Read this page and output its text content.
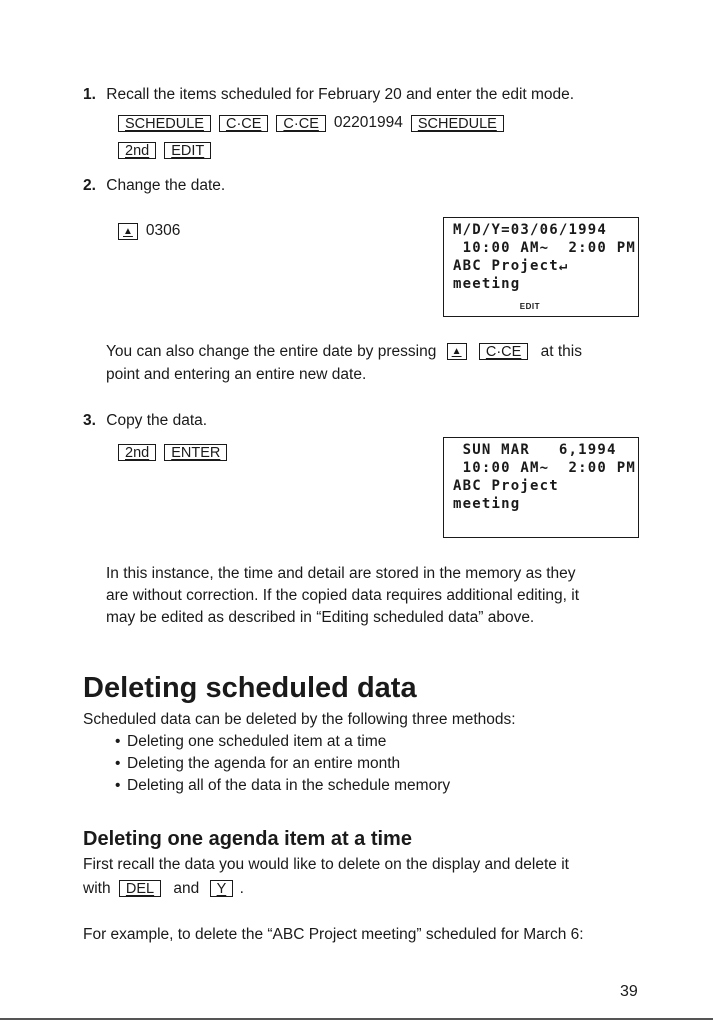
1. Recall the items scheduled for February 20 and enter the edit mode.
SCHEDULE	C·CE	C·CE 02201994	SCHEDULE
2nd	EDIT
2. Change the date.
▲ 0306	M/D/Y=03/06/1994
10:00 AM~  2:00 PM
ABC Project↵
meeting
EDIT
You can also change the entire date by pressing ▲ C·CE at this
point and entering an entire new date.
3. Copy the data.
2nd	ENTER	SUN MAR   6,1994
10:00 AM~  2:00 PM
ABC Project
meeting
In this instance, the time and detail are stored in the memory as they
are without correction. If the copied data requires additional editing, it
may be edited as described in “Editing scheduled data” above.
Deleting scheduled data
Scheduled data can be deleted by the following three methods:
• Deleting one scheduled item at a time
• Deleting the agenda for an entire month
• Deleting all of the data in the schedule memory
Deleting one agenda item at a time
First recall the data you would like to delete on the display and delete it
with DEL and Y .
For example, to delete the “ABC Project meeting” scheduled for March 6:
39
